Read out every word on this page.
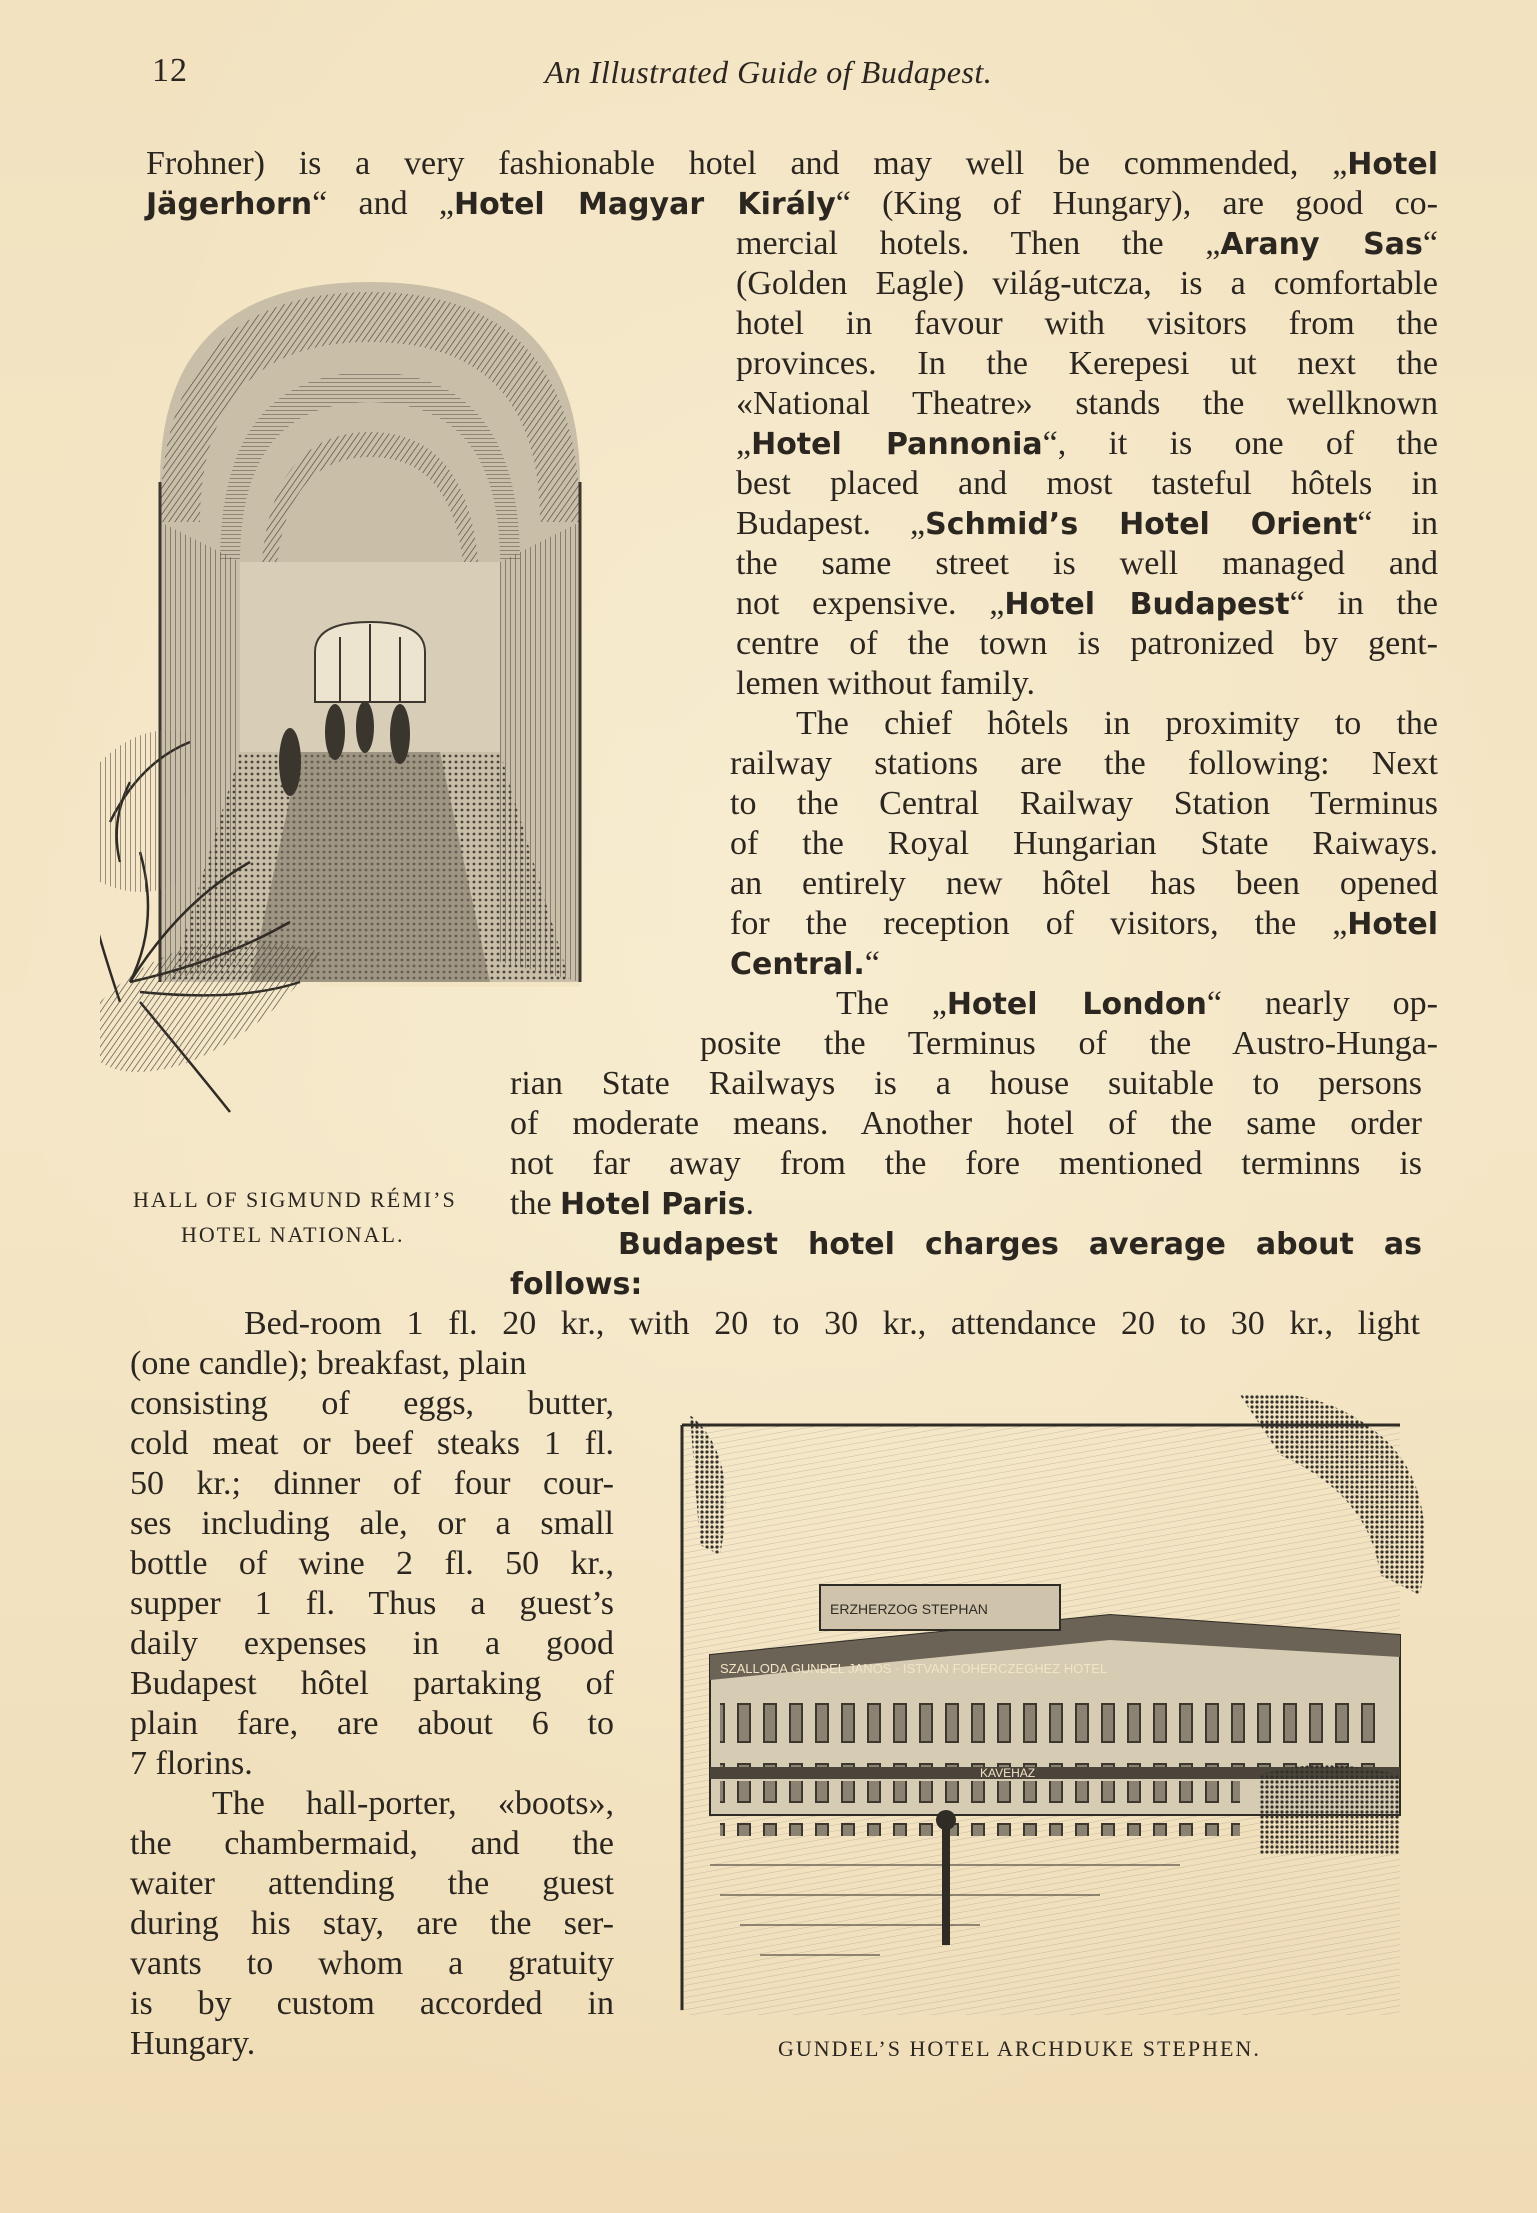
12	An Illustrated Guide of Budapest.
ERZHERZOG STEPHAN
SZALLODA GUNDEL JANOS · ISTVAN FOHERCZEGHEZ HOTEL
KAVEHAZ
HALL OF SIGMUND RÉMI’S
HOTEL NATIONAL.
GUNDEL’S HOTEL ARCHDUKE STEPHEN.
Frohner) is a very fashionable hotel and may well be commended, „Hotel
Jägerhorn“ and „Hotel Magyar Király“ (King of Hungary), are good co-
mercial hotels. Then the „Arany Sas“
(Golden Eagle) világ-utcza, is a comfortable
hotel in favour with visitors from the
provinces. In the Kerepesi ut next the
«National Theatre» stands the wellknown
„Hotel Pannonia“, it is one of the
best placed and most tasteful hôtels in
Budapest. „Schmid’s Hotel Orient“ in
the same street is well managed and
not expensive. „Hotel Budapest“ in the
centre of the town is patronized by gent-
lemen without family.
The chief hôtels in proximity to the
railway stations are the following: Next
to the Central Railway Station Terminus
of the Royal Hungarian State Raiways.
an entirely new hôtel has been opened
for the reception of visitors, the „Hotel
Central.“
The „Hotel London“ nearly op-
posite the Terminus of the Austro-Hunga-
rian State Railways is a house suitable to persons
of moderate means. Another hotel of the same order
not far away from the fore mentioned terminns is
the Hotel Paris.
Budapest hotel charges average about as
follows:
Bed-room 1 fl. 20 kr., with 20 to 30 kr., attendance 20 to 30 kr., light
(one candle); breakfast, plain
consisting of eggs, butter,
cold meat or beef steaks 1 fl.
50 kr.; dinner of four cour-
ses including ale, or a small
bottle of wine 2 fl. 50 kr.,
supper 1 fl. Thus a guest’s
daily expenses in a good
Budapest hôtel partaking of
plain fare, are about 6 to
7 florins.
The hall-porter, «boots»,
the chambermaid, and the
waiter attending the guest
during his stay, are the ser-
vants to whom a gratuity
is by custom accorded in
Hungary.
